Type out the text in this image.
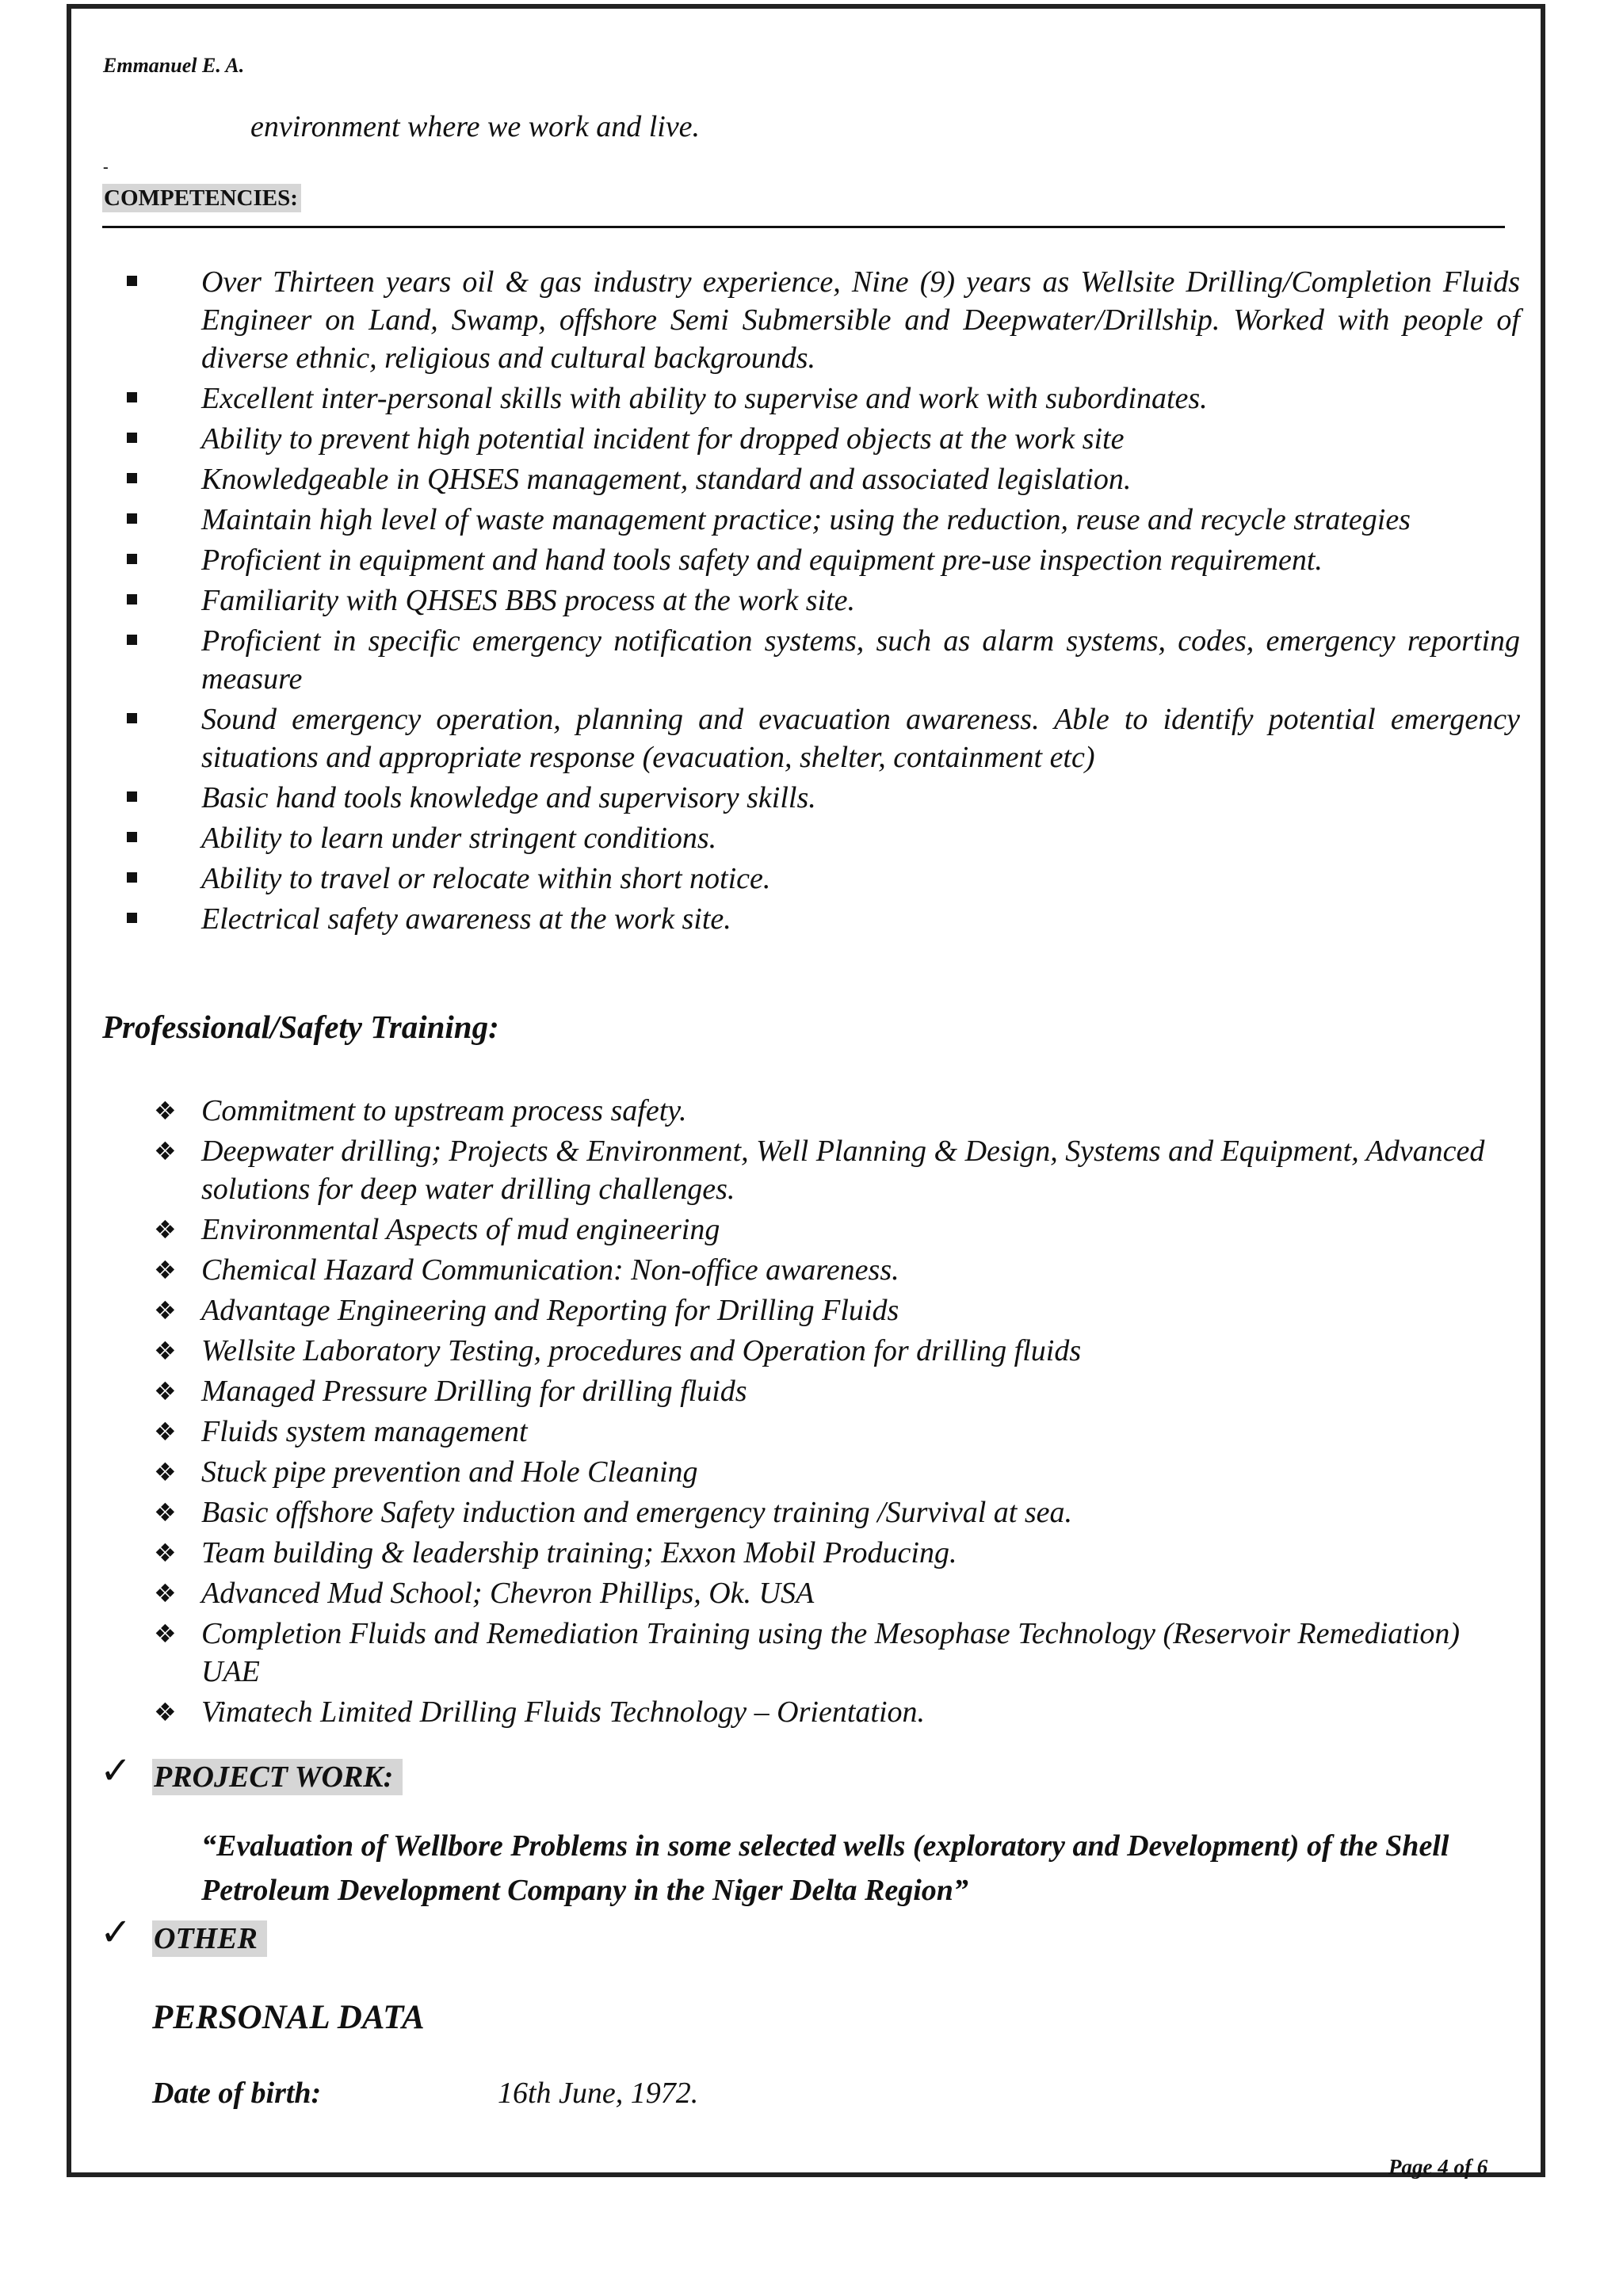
Emmanuel E. A.
environment where we work and live.
-
COMPETENCIES:
Over Thirteen years oil & gas industry experience, Nine (9) years as Wellsite Drilling/Completion Fluids Engineer on Land, Swamp, offshore Semi Submersible and Deepwater/Drillship. Worked with people of diverse ethnic, religious and cultural backgrounds.
Excellent inter-personal skills with ability to supervise and work with subordinates.
Ability to prevent high potential incident for dropped objects at the work site
Knowledgeable in QHSES management, standard and associated legislation.
Maintain high level of waste management practice; using the reduction, reuse and recycle strategies
Proficient in equipment and hand tools safety and equipment pre-use inspection requirement.
Familiarity with QHSES BBS process at the work site.
Proficient in specific emergency notification systems, such as alarm systems, codes, emergency reporting measure
Sound emergency operation, planning and evacuation awareness. Able to identify potential emergency situations and appropriate response (evacuation, shelter, containment etc)
Basic hand tools knowledge and supervisory skills.
Ability to learn under stringent conditions.
Ability to travel or relocate within short notice.
Electrical safety awareness at the work site.
Professional/Safety Training:
❖ Commitment to upstream process safety.
❖ Deepwater drilling; Projects & Environment, Well Planning & Design, Systems and Equipment, Advanced solutions for deep water drilling challenges.
❖ Environmental Aspects of mud engineering
❖ Chemical Hazard Communication: Non-office awareness.
❖ Advantage Engineering and Reporting for Drilling Fluids
❖ Wellsite Laboratory Testing, procedures and Operation for drilling fluids
❖ Managed Pressure Drilling for drilling fluids
❖ Fluids system management
❖ Stuck pipe prevention and Hole Cleaning
❖ Basic offshore Safety induction and emergency training /Survival at sea.
❖ Team building & leadership training; Exxon Mobil Producing.
❖ Advanced Mud School; Chevron Phillips, Ok. USA
❖ Completion Fluids and Remediation Training using the Mesophase Technology (Reservoir Remediation) UAE
❖ Vimatech Limited Drilling Fluids Technology – Orientation.
✓ PROJECT WORK:
“Evaluation of Wellbore Problems in some selected wells (exploratory and Development) of the Shell Petroleum Development Company in the Niger Delta Region”
✓ OTHER
PERSONAL DATA
Date of birth:	16th June, 1972.
Page 4 of 6
